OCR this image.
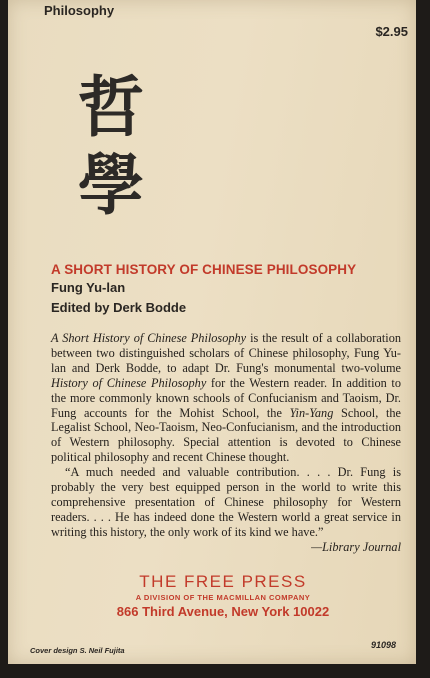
Philosophy
$2.95
哲
學
A SHORT HISTORY OF CHINESE PHILOSOPHY
Fung Yu-lan
Edited by Derk Bodde

A Short History of Chinese Philosophy is the result of a collaboration between two distinguished scholars of Chinese philosophy, Fung Yu-lan and Derk Bodde, to adapt Dr. Fung's monumental two-volume History of Chinese Philosophy for the Western reader. In addition to the more commonly known schools of Confucianism and Taoism, Dr. Fung accounts for the Mohist School, the Yin-Yang School, the Legalist School, Neo-Taoism, Neo-Confucianism, and the introduction of Western philosophy. Special attention is devoted to Chinese political philosophy and recent Chinese thought.

“A much needed and valuable contribution. . . . Dr. Fung is probably the very best equipped person in the world to write this comprehensive presentation of Chinese philosophy for Western readers. . . . He has indeed done the Western world a great service in writing this history, the only work of its kind we have.”
—Library Journal

THE FREE PRESS
A DIVISION OF THE MACMILLAN COMPANY
866 Third Avenue, New York 10022
Cover design S. Neil Fujita
91098
